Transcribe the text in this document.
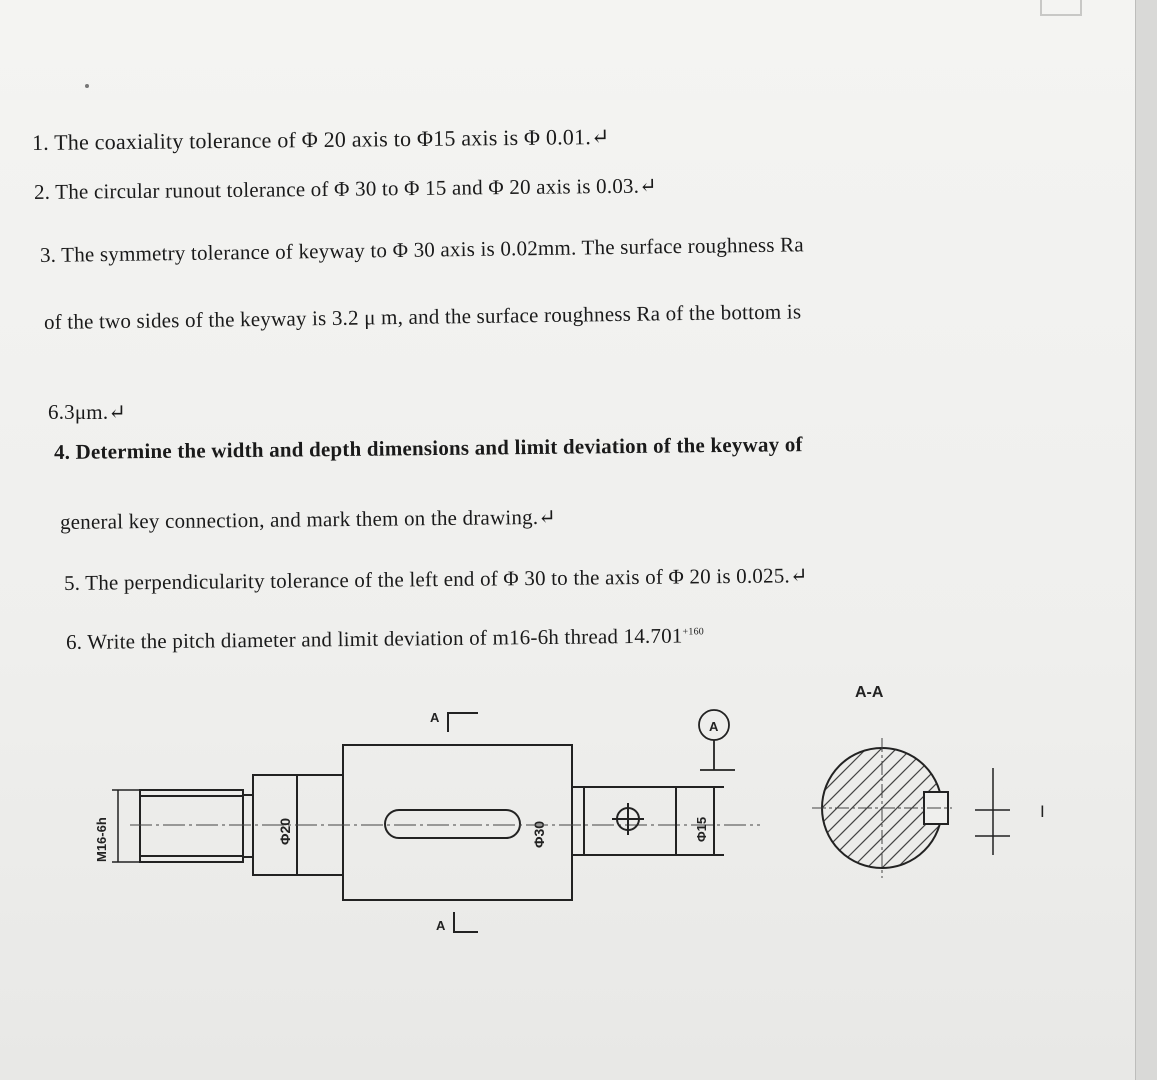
1. The coaxiality tolerance of Φ 20 axis to Φ15 axis is Φ 0.01.↵
2. The circular runout tolerance of Φ 30 to Φ 15 and Φ 20 axis is 0.03.↵
3. The symmetry tolerance of keyway to Φ 30 axis is 0.02mm. The surface roughness Ra
of the two sides of the keyway is 3.2 μ m, and the surface roughness Ra of the bottom is
6.3μm.↵
4. Determine the width and depth dimensions and limit deviation of the keyway of
general key connection, and mark them on the drawing.↵
5. The perpendicularity tolerance of the left end of Φ 30 to the axis of Φ 20 is 0.025.↵
6. Write the pitch diameter and limit deviation of m16-6h thread $14.701^{+160}$
M16-6h	Φ20	Φ30	Φ15
A
A
A
A-A
I
